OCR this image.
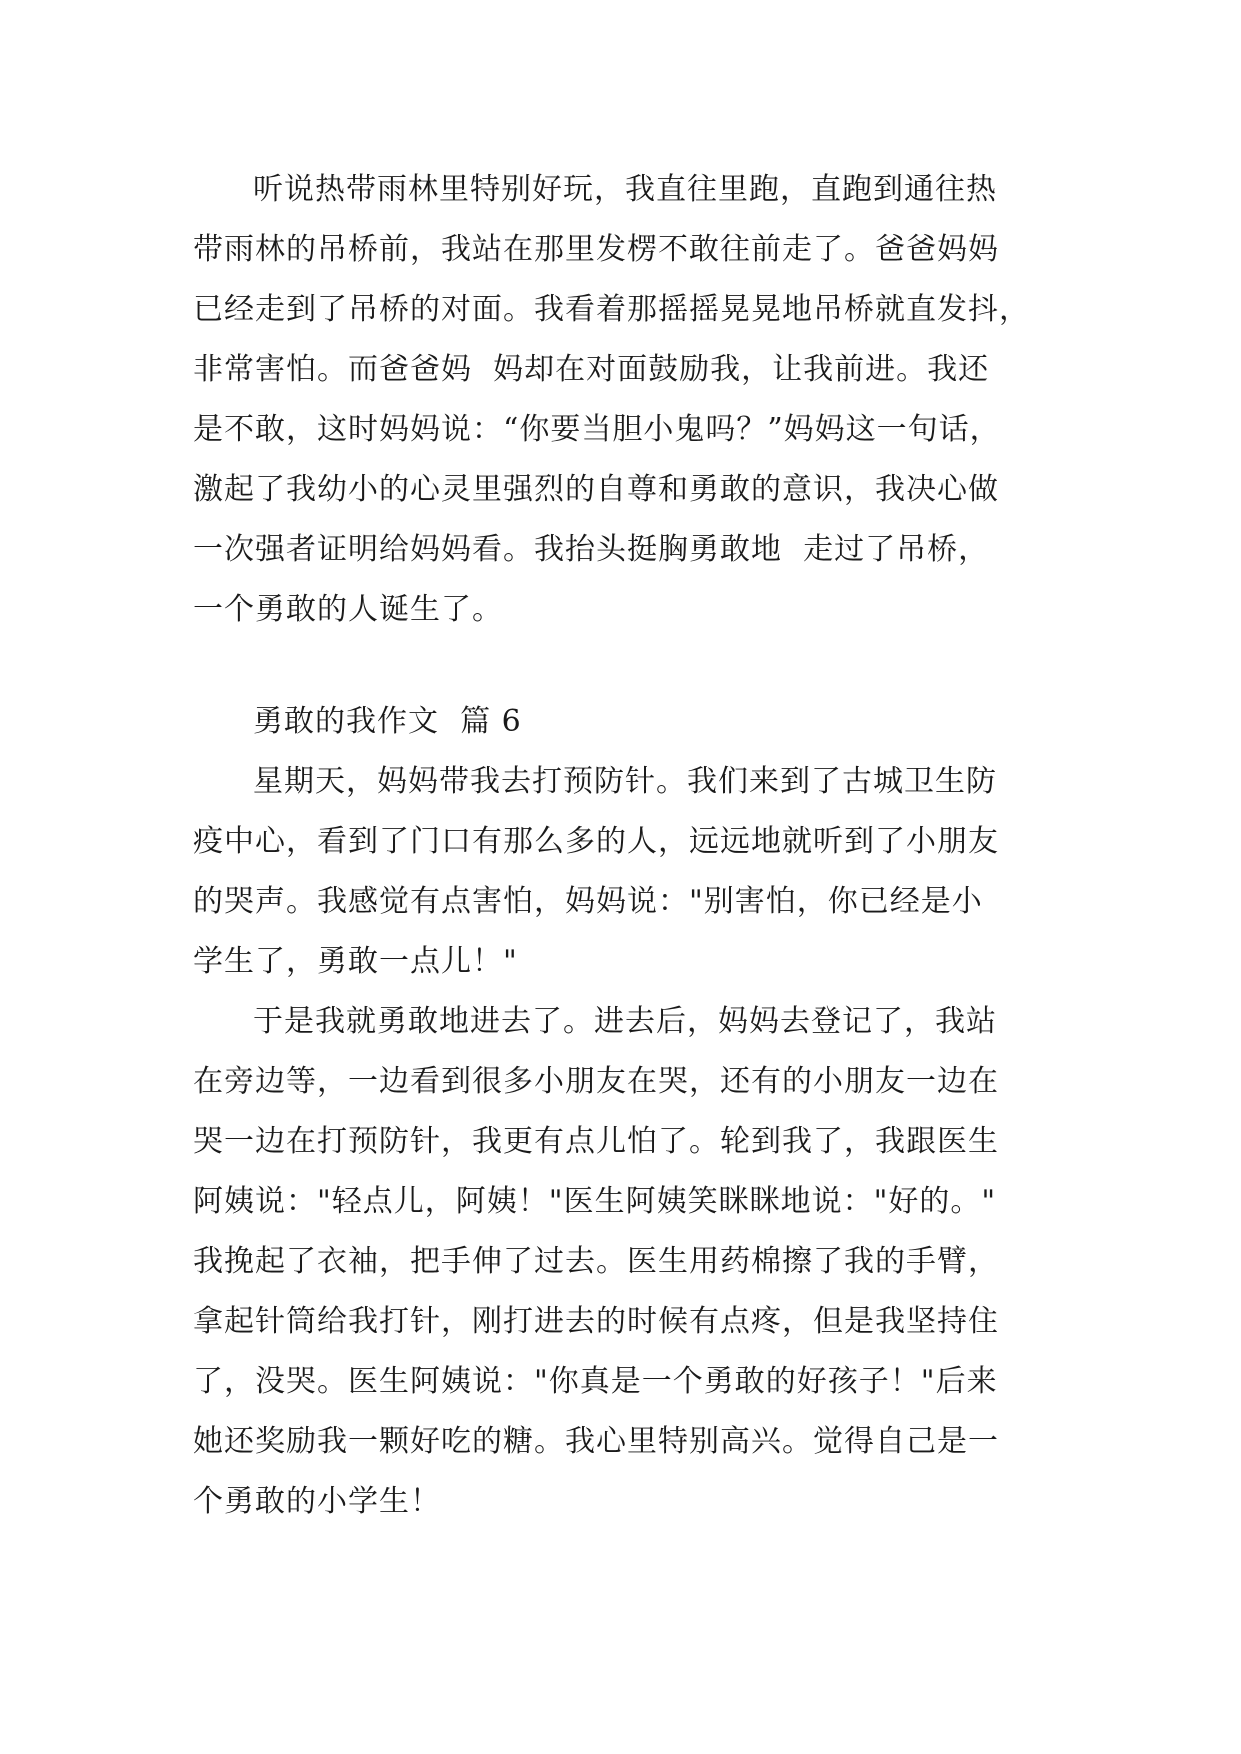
听说热带雨林里特别好玩，我直往里跑，直跑到通往热
带雨林的吊桥前，我站在那里发楞不敢往前走了。爸爸妈妈
已经走到了吊桥的对面。我看着那摇摇晃晃地吊桥就直发抖，
非常害怕。而爸爸妈  妈却在对面鼓励我，让我前进。我还
是不敢，这时妈妈说：“你要当胆小鬼吗？”妈妈这一句话，
激起了我幼小的心灵里强烈的自尊和勇敢的意识，我决心做
一次强者证明给妈妈看。我抬头挺胸勇敢地  走过了吊桥，
一个勇敢的人诞生了。
勇敢的我作文  篇 6
星期天，妈妈带我去打预防针。我们来到了古城卫生防
疫中心，看到了门口有那么多的人，远远地就听到了小朋友
的哭声。我感觉有点害怕，妈妈说："别害怕，你已经是小
学生了，勇敢一点儿！"
于是我就勇敢地进去了。进去后，妈妈去登记了，我站
在旁边等，一边看到很多小朋友在哭，还有的小朋友一边在
哭一边在打预防针，我更有点儿怕了。轮到我了，我跟医生
阿姨说："轻点儿，阿姨！"医生阿姨笑眯眯地说："好的。"
我挽起了衣袖，把手伸了过去。医生用药棉擦了我的手臂，
拿起针筒给我打针，刚打进去的时候有点疼，但是我坚持住
了，没哭。医生阿姨说："你真是一个勇敢的好孩子！"后来
她还奖励我一颗好吃的糖。我心里特别高兴。觉得自己是一
个勇敢的小学生！
